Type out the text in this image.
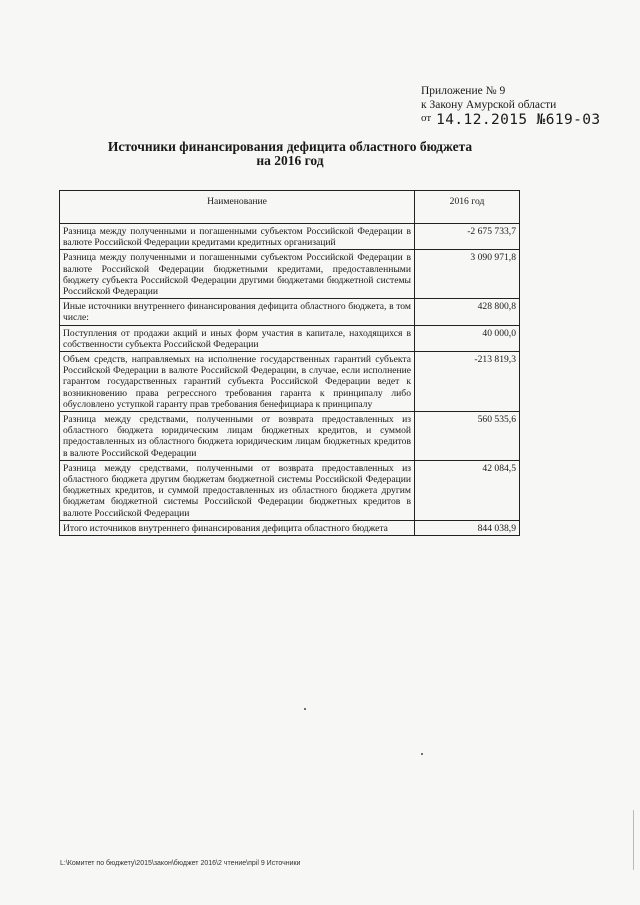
Приложение № 9
к Закону Амурской области
от 14.12.2015 №619-03
Источники финансирования дефицита областного бюджета
на 2016 год
Наименование	2016 год
Разница между полученными и погашенными субъектом Российской Федерации в валюте Российской Федерации кредитами кредитных организаций	-2 675 733,7
Разница между полученными и погашенными субъектом Российской Федерации в валюте Российской Федерации бюджетными кредитами, предоставленными бюджету субъекта Российской Федерации другими бюджетами бюджетной системы Российской Федерации	3 090 971,8
Иные источники внутреннего финансирования дефицита областного бюджета, в том числе:	428 800,8
Поступления от продажи акций и иных форм участия в капитале, находящихся в собственности субъекта Российской Федерации	40 000,0
Объем средств, направляемых на исполнение государственных гарантий субъекта Российской Федерации в валюте Российской Федерации, в случае, если исполнение гарантом государственных гарантий субъекта Российской Федерации ведет к возникновению права регрессного требования гаранта к принципалу либо обусловлено уступкой гаранту прав требования бенефициара к принципалу	-213 819,3
Разница между средствами, полученными от возврата предоставленных из областного бюджета юридическим лицам бюджетных кредитов, и суммой предоставленных из областного бюджета юридическим лицам бюджетных кредитов в валюте Российской Федерации	560 535,6
Разница между средствами, полученными от возврата предоставленных из областного бюджета другим бюджетам бюджетной системы Российской Федерации бюджетных кредитов, и суммой предоставленных из областного бюджета другим бюджетам бюджетной системы Российской Федерации бюджетных кредитов в валюте Российской Федерации	42 084,5
Итого источников внутреннего финансирования дефицита областного бюджета	844 038,9
L:\Комитет по бюджету\2015\закон\бюджет 2016\2 чтение\прil 9 Источники
